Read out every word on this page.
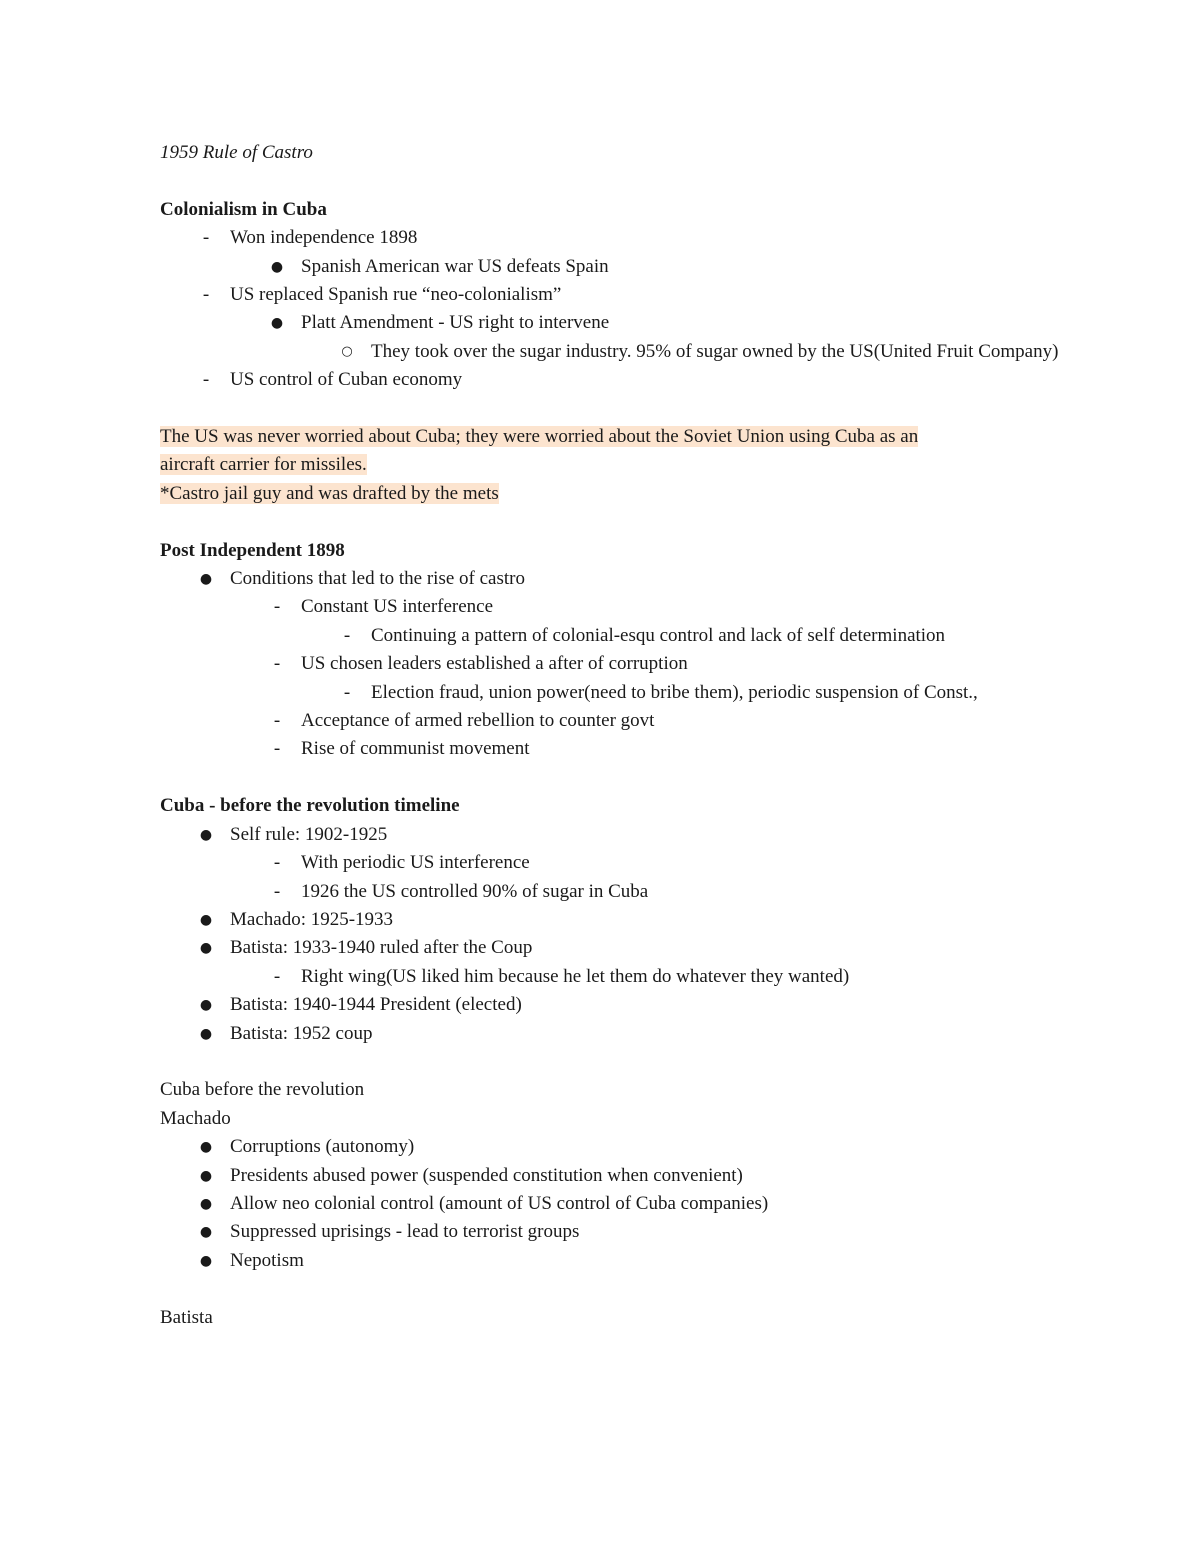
1959 Rule of Castro
Colonialism in Cuba
-	Won independence 1898
● Spanish American war US defeats Spain
-	US replaced Spanish rue “neo-colonialism”
● Platt Amendment - US right to intervene
○ They took over the sugar industry. 95% of sugar owned by the US(United Fruit Company)
-	US control of Cuban economy
The US was never worried about Cuba; they were worried about the Soviet Union using Cuba as an
aircraft carrier for missiles.
*Castro jail guy and was drafted by the mets
Post Independent 1898
● Conditions that led to the rise of castro
-	Constant US interference
-	Continuing a pattern of colonial-esqu control and lack of self determination
-	US chosen leaders established a after of corruption
-	Election fraud, union power(need to bribe them), periodic suspension of Const.,
-	Acceptance of armed rebellion to counter govt
-	Rise of communist movement
Cuba - before the revolution timeline
● Self rule: 1902-1925
-	With periodic US interference
-	1926 the US controlled 90% of sugar in Cuba
● Machado: 1925-1933
● Batista: 1933-1940 ruled after the Coup
-	Right wing(US liked him because he let them do whatever they wanted)
● Batista: 1940-1944 President (elected)
● Batista: 1952 coup
Cuba before the revolution
Machado
● Corruptions (autonomy)
● Presidents abused power (suspended constitution when convenient)
● Allow neo colonial control (amount of US control of Cuba companies)
● Suppressed uprisings - lead to terrorist groups
● Nepotism
Batista
